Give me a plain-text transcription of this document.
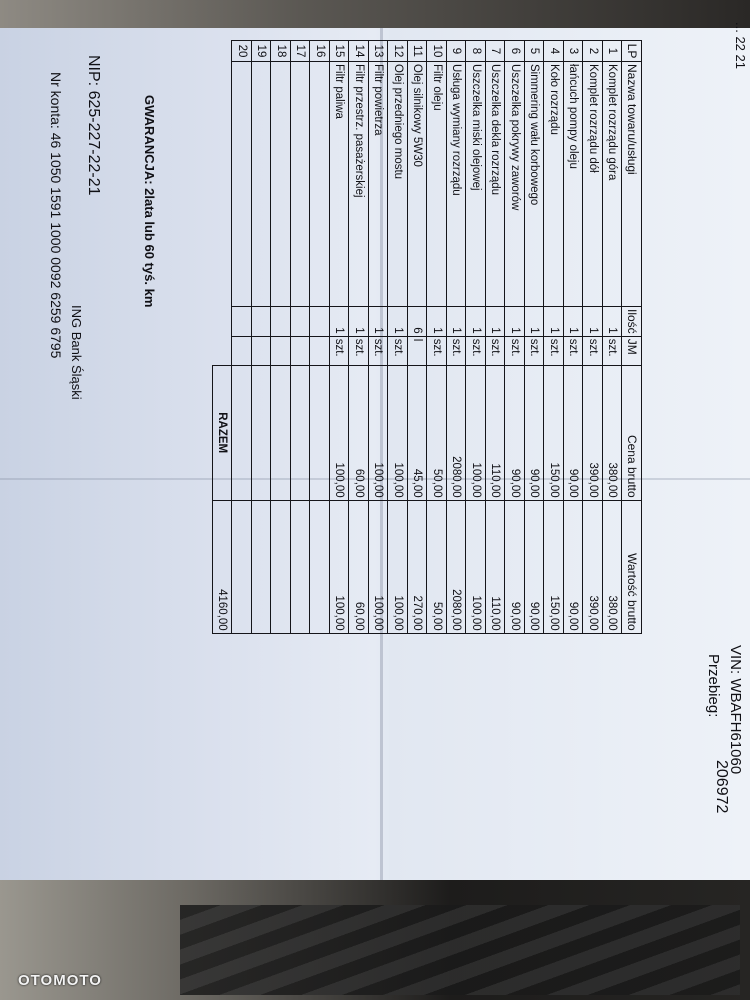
... 22 21
VIN: WBAFH61060
Przebieg:
206972
NIP: 625-227-22-21
Nr konta: 46 1050 1591 1000 0092 6259 6795 ING Bank Śląski
LP	Nazwa towaru/usługi	Ilość	JM	Cena brutto	Wartość brutto
1	Komplet rozrządu góra	1	szt.	380,00	380,00
2	Komplet rozrządu dół	1	szt.	390,00	390,00
3	łańcuch pompy oleju	1	szt.	90,00	90,00
4	Koło rozrządu	1	szt.	150,00	150,00
5	Simmering wału korbowego	1	szt.	90,00	90,00
6	Uszczelka pokrywy zaworów	1	szt.	90,00	90,00
7	Uszczelka dekla rozrządu	1	szt.	110,00	110,00
8	Uszczelka miski olejowej	1	szt.	100,00	100,00
9	Usługa wymiany rozrządu	1	szt.	2080,00	2080,00
10	Filtr oleju	1	szt.	50,00	50,00
11	Olej silnikowy 5W30	6	l	45,00	270,00
12	Olej przedniego mostu	1	szt.	100,00	100,00
13	Filtr powietrza	1	szt.	100,00	100,00
14	Filtr przestrz. pasażerskiej	1	szt.	60,00	60,00
15	Filtr paliwa	1	szt.	100,00	100,00
16					
17					
18					
19					
20					
				RAZEM	4160,00
GWARANCJA: 2lata lub 60 tyś. km
OTOMOTO
